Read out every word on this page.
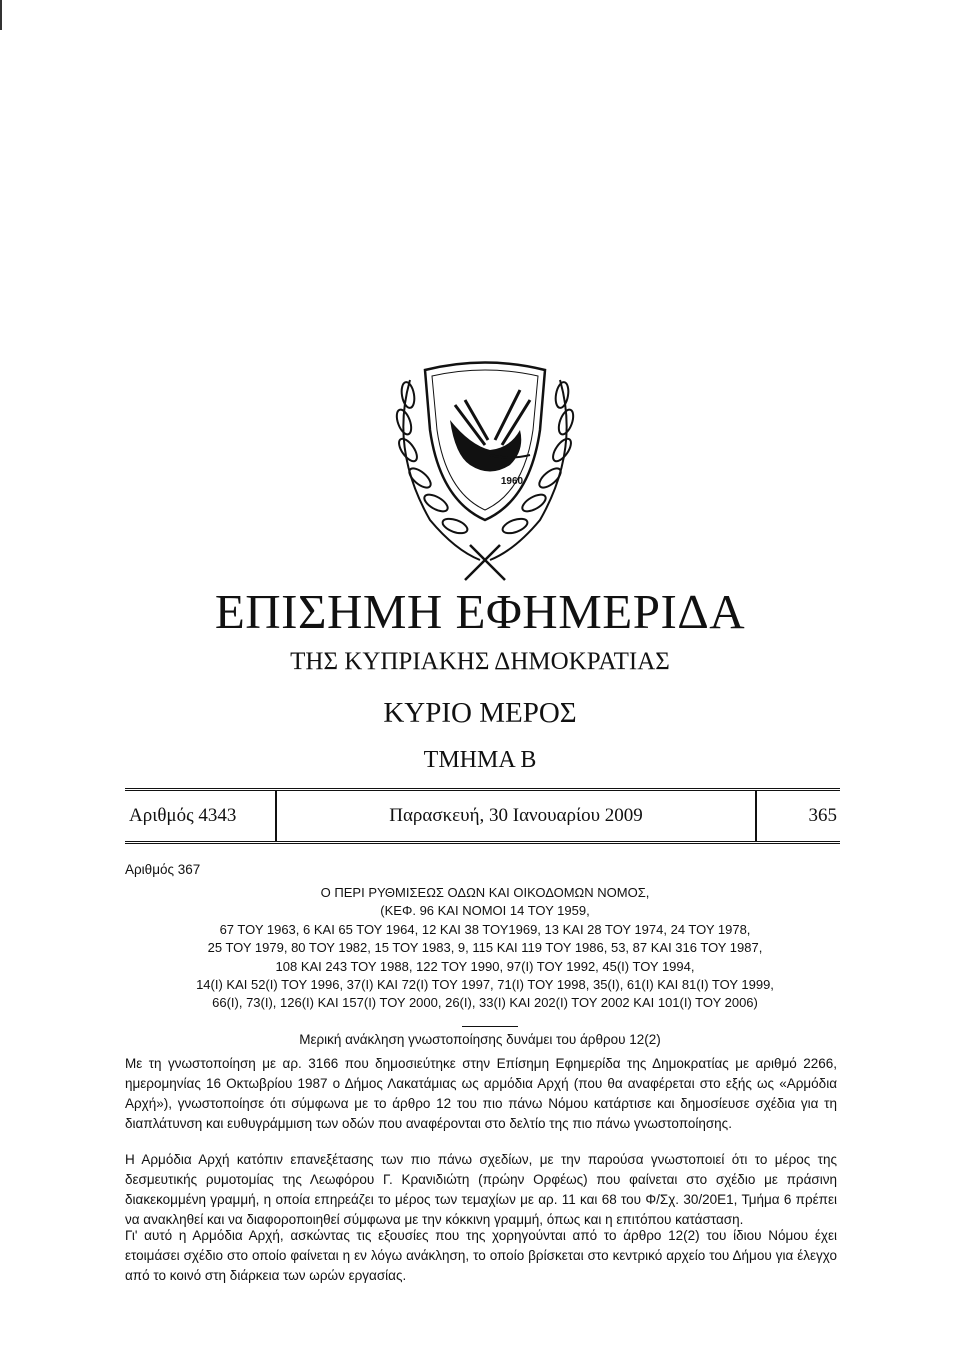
1960
ΕΠΙΣΗΜΗ ΕΦΗΜΕΡΙΔΑ
ΤΗΣ ΚΥΠΡΙΑΚΗΣ ΔΗΜΟΚΡΑΤΙΑΣ
ΚΥΡΙΟ ΜΕΡΟΣ
ΤΜΗΜΑ Β
Αριθμός 4343	Παρασκευή, 30 Ιανουαρίου 2009	365
Αριθμός 367
Ο ΠΕΡΙ ΡΥΘΜΙΣΕΩΣ ΟΔΩΝ ΚΑΙ ΟΙΚΟΔΟΜΩΝ ΝΟΜΟΣ,
(ΚΕΦ. 96 ΚΑΙ ΝΟΜΟΙ 14 ΤΟΥ 1959,
67 ΤΟΥ 1963, 6 ΚΑΙ 65 ΤΟΥ 1964, 12 ΚΑΙ 38 ΤΟΥ1969, 13 ΚΑΙ 28 ΤΟΥ 1974, 24 ΤΟΥ 1978,
25 ΤΟΥ 1979, 80 ΤΟΥ 1982, 15 ΤΟΥ 1983, 9, 115 ΚΑΙ 119 ΤΟΥ 1986, 53, 87 ΚΑΙ 316 ΤΟΥ 1987,
108 ΚΑΙ 243 ΤΟΥ 1988, 122 ΤΟΥ 1990, 97(Ι) ΤΟΥ 1992, 45(Ι) ΤΟΥ 1994,
14(Ι) ΚΑΙ 52(Ι) ΤΟΥ 1996, 37(Ι) ΚΑΙ 72(Ι) ΤΟΥ 1997, 71(Ι) ΤΟΥ 1998, 35(Ι), 61(Ι) ΚΑΙ 81(Ι) ΤΟΥ 1999,
66(Ι), 73(Ι), 126(Ι) ΚΑΙ 157(Ι) ΤΟΥ 2000, 26(Ι), 33(Ι) ΚΑΙ 202(Ι) ΤΟΥ 2002 ΚΑΙ 101(Ι) ΤΟΥ 2006)
Μερική ανάκληση γνωστοποίησης δυνάμει του άρθρου 12(2)

Με τη γνωστοποίηση με αρ. 3166 που δημοσιεύτηκε στην Επίσημη Εφημερίδα της Δημοκρατίας με αριθμό 2266, ημερομηνίας 16 Οκτωβρίου 1987 ο Δήμος Λακατάμιας ως αρμόδια Αρχή (που θα αναφέρεται στο εξής ως «Αρμόδια Αρχή»), γνωστοποίησε ότι σύμφωνα με το άρθρο 12 του πιο πάνω Νόμου κατάρτισε και δημοσίευσε σχέδια για τη διαπλάτυνση και ευθυγράμμιση των οδών που αναφέρονται στο δελτίο της πιο πάνω γνωστοποίησης.

Η Αρμόδια Αρχή κατόπιν επανεξέτασης των πιο πάνω σχεδίων, με την παρούσα γνωστοποιεί ότι το μέρος της δεσμευτικής ρυμοτομίας της Λεωφόρου Γ. Κρανιδιώτη (πρώην Ορφέως) που φαίνεται στο σχέδιο με πράσινη διακεκομμένη γραμμή, η οποία επηρεάζει το μέρος των τεμαχίων με αρ. 11 και 68 του Φ/Σχ. 30/20Ε1, Τμήμα 6 πρέπει να ανακληθεί και να διαφοροποιηθεί σύμφωνα με την κόκκινη γραμμή, όπως και η επιτόπου κατάσταση.

Γι' αυτό η Αρμόδια Αρχή, ασκώντας τις εξουσίες που της χορηγούνται από το άρθρο 12(2) του ίδιου Νόμου έχει ετοιμάσει σχέδιο στο οποίο φαίνεται η εν λόγω ανάκληση, το οποίο βρίσκεται στο κεντρικό αρχείο του Δήμου για έλεγχο από το κοινό στη διάρκεια των ωρών εργασίας.
